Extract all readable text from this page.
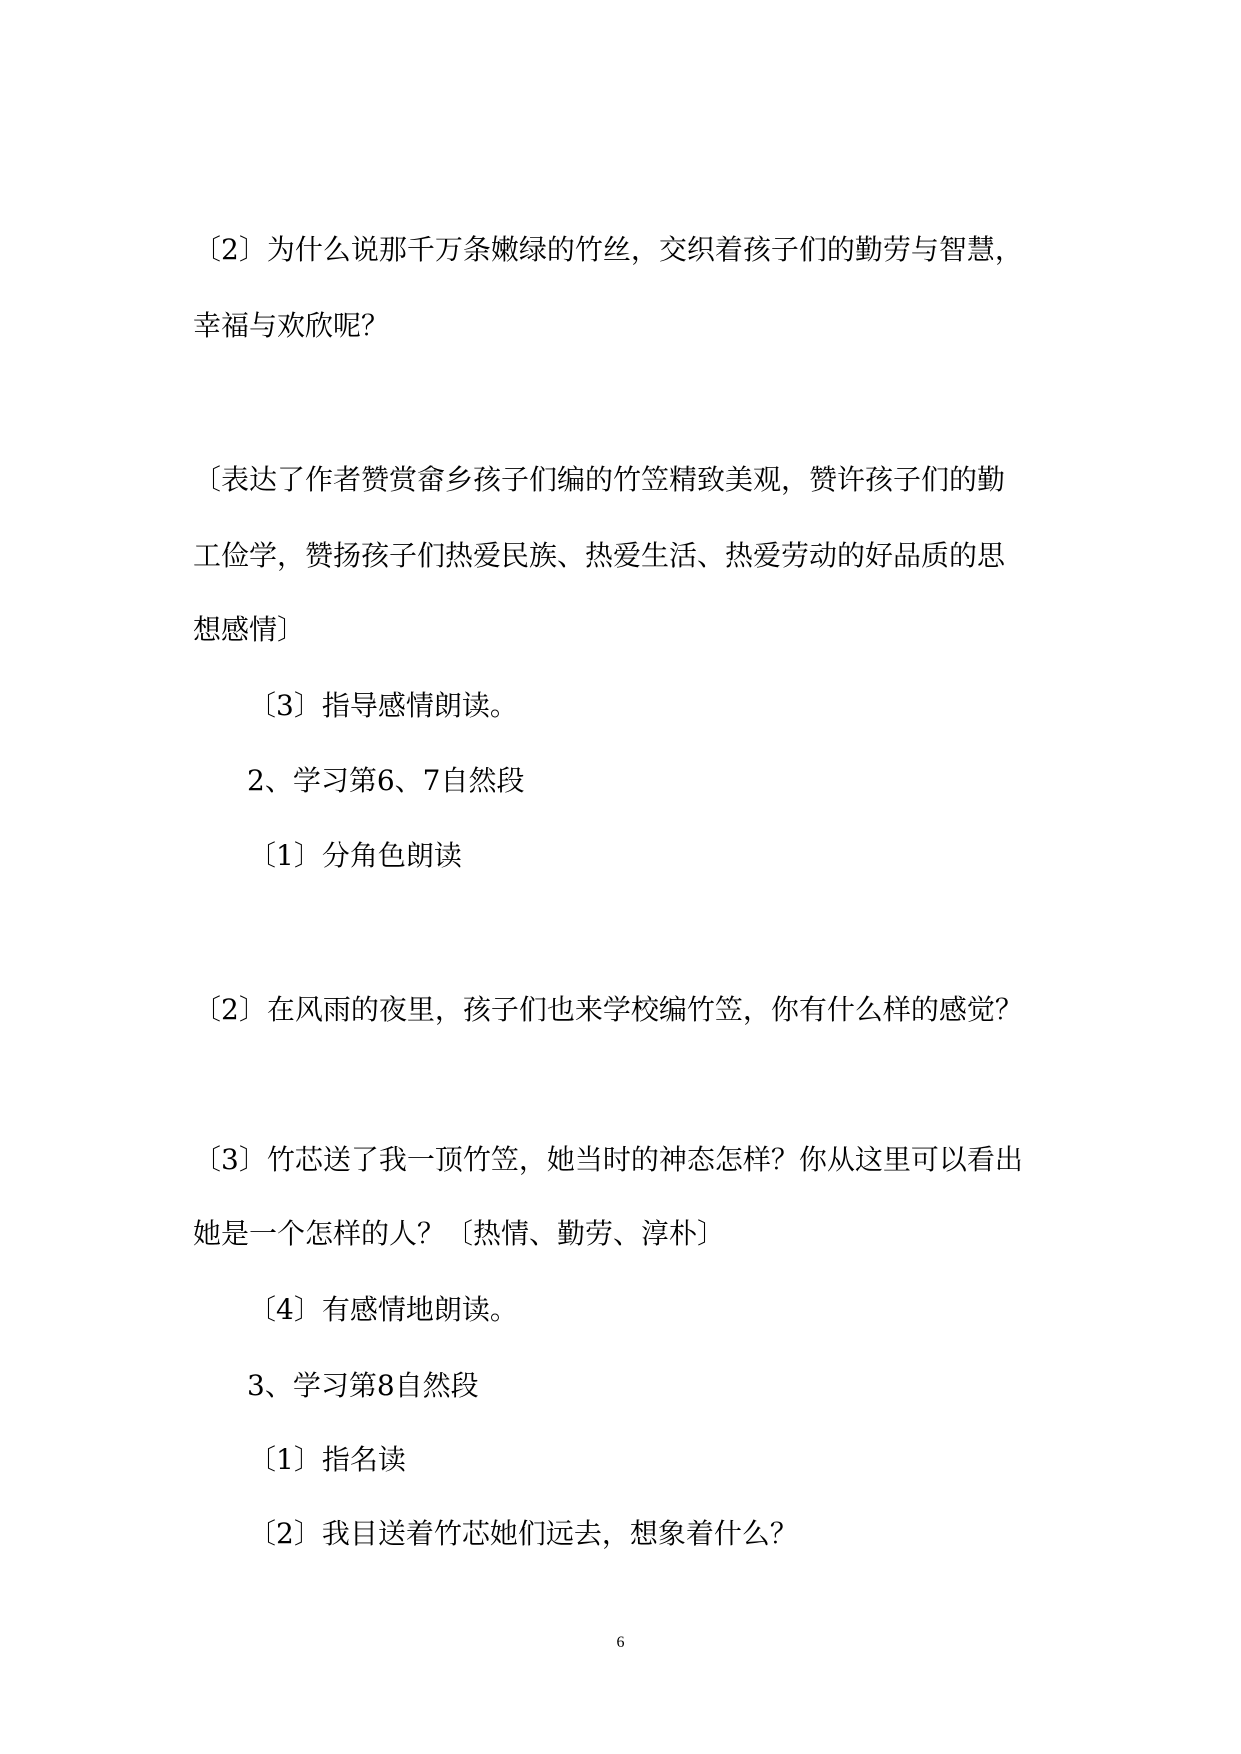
〔2〕为什么说那千万条嫩绿的竹丝，交织着孩子们的勤劳与智慧，
幸福与欢欣呢？
〔表达了作者赞赏畲乡孩子们编的竹笠精致美观，赞许孩子们的勤
工俭学，赞扬孩子们热爱民族、热爱生活、热爱劳动的好品质的思
想感情〕
〔3〕指导感情朗读。
2、学习第6、7自然段
〔1〕分角色朗读
〔2〕在风雨的夜里，孩子们也来学校编竹笠，你有什么样的感觉？
〔3〕竹芯送了我一顶竹笠，她当时的神态怎样？你从这里可以看出
她是一个怎样的人？〔热情、勤劳、淳朴〕
〔4〕有感情地朗读。
3、学习第8自然段
〔1〕指名读
〔2〕我目送着竹芯她们远去，想象着什么？
6
